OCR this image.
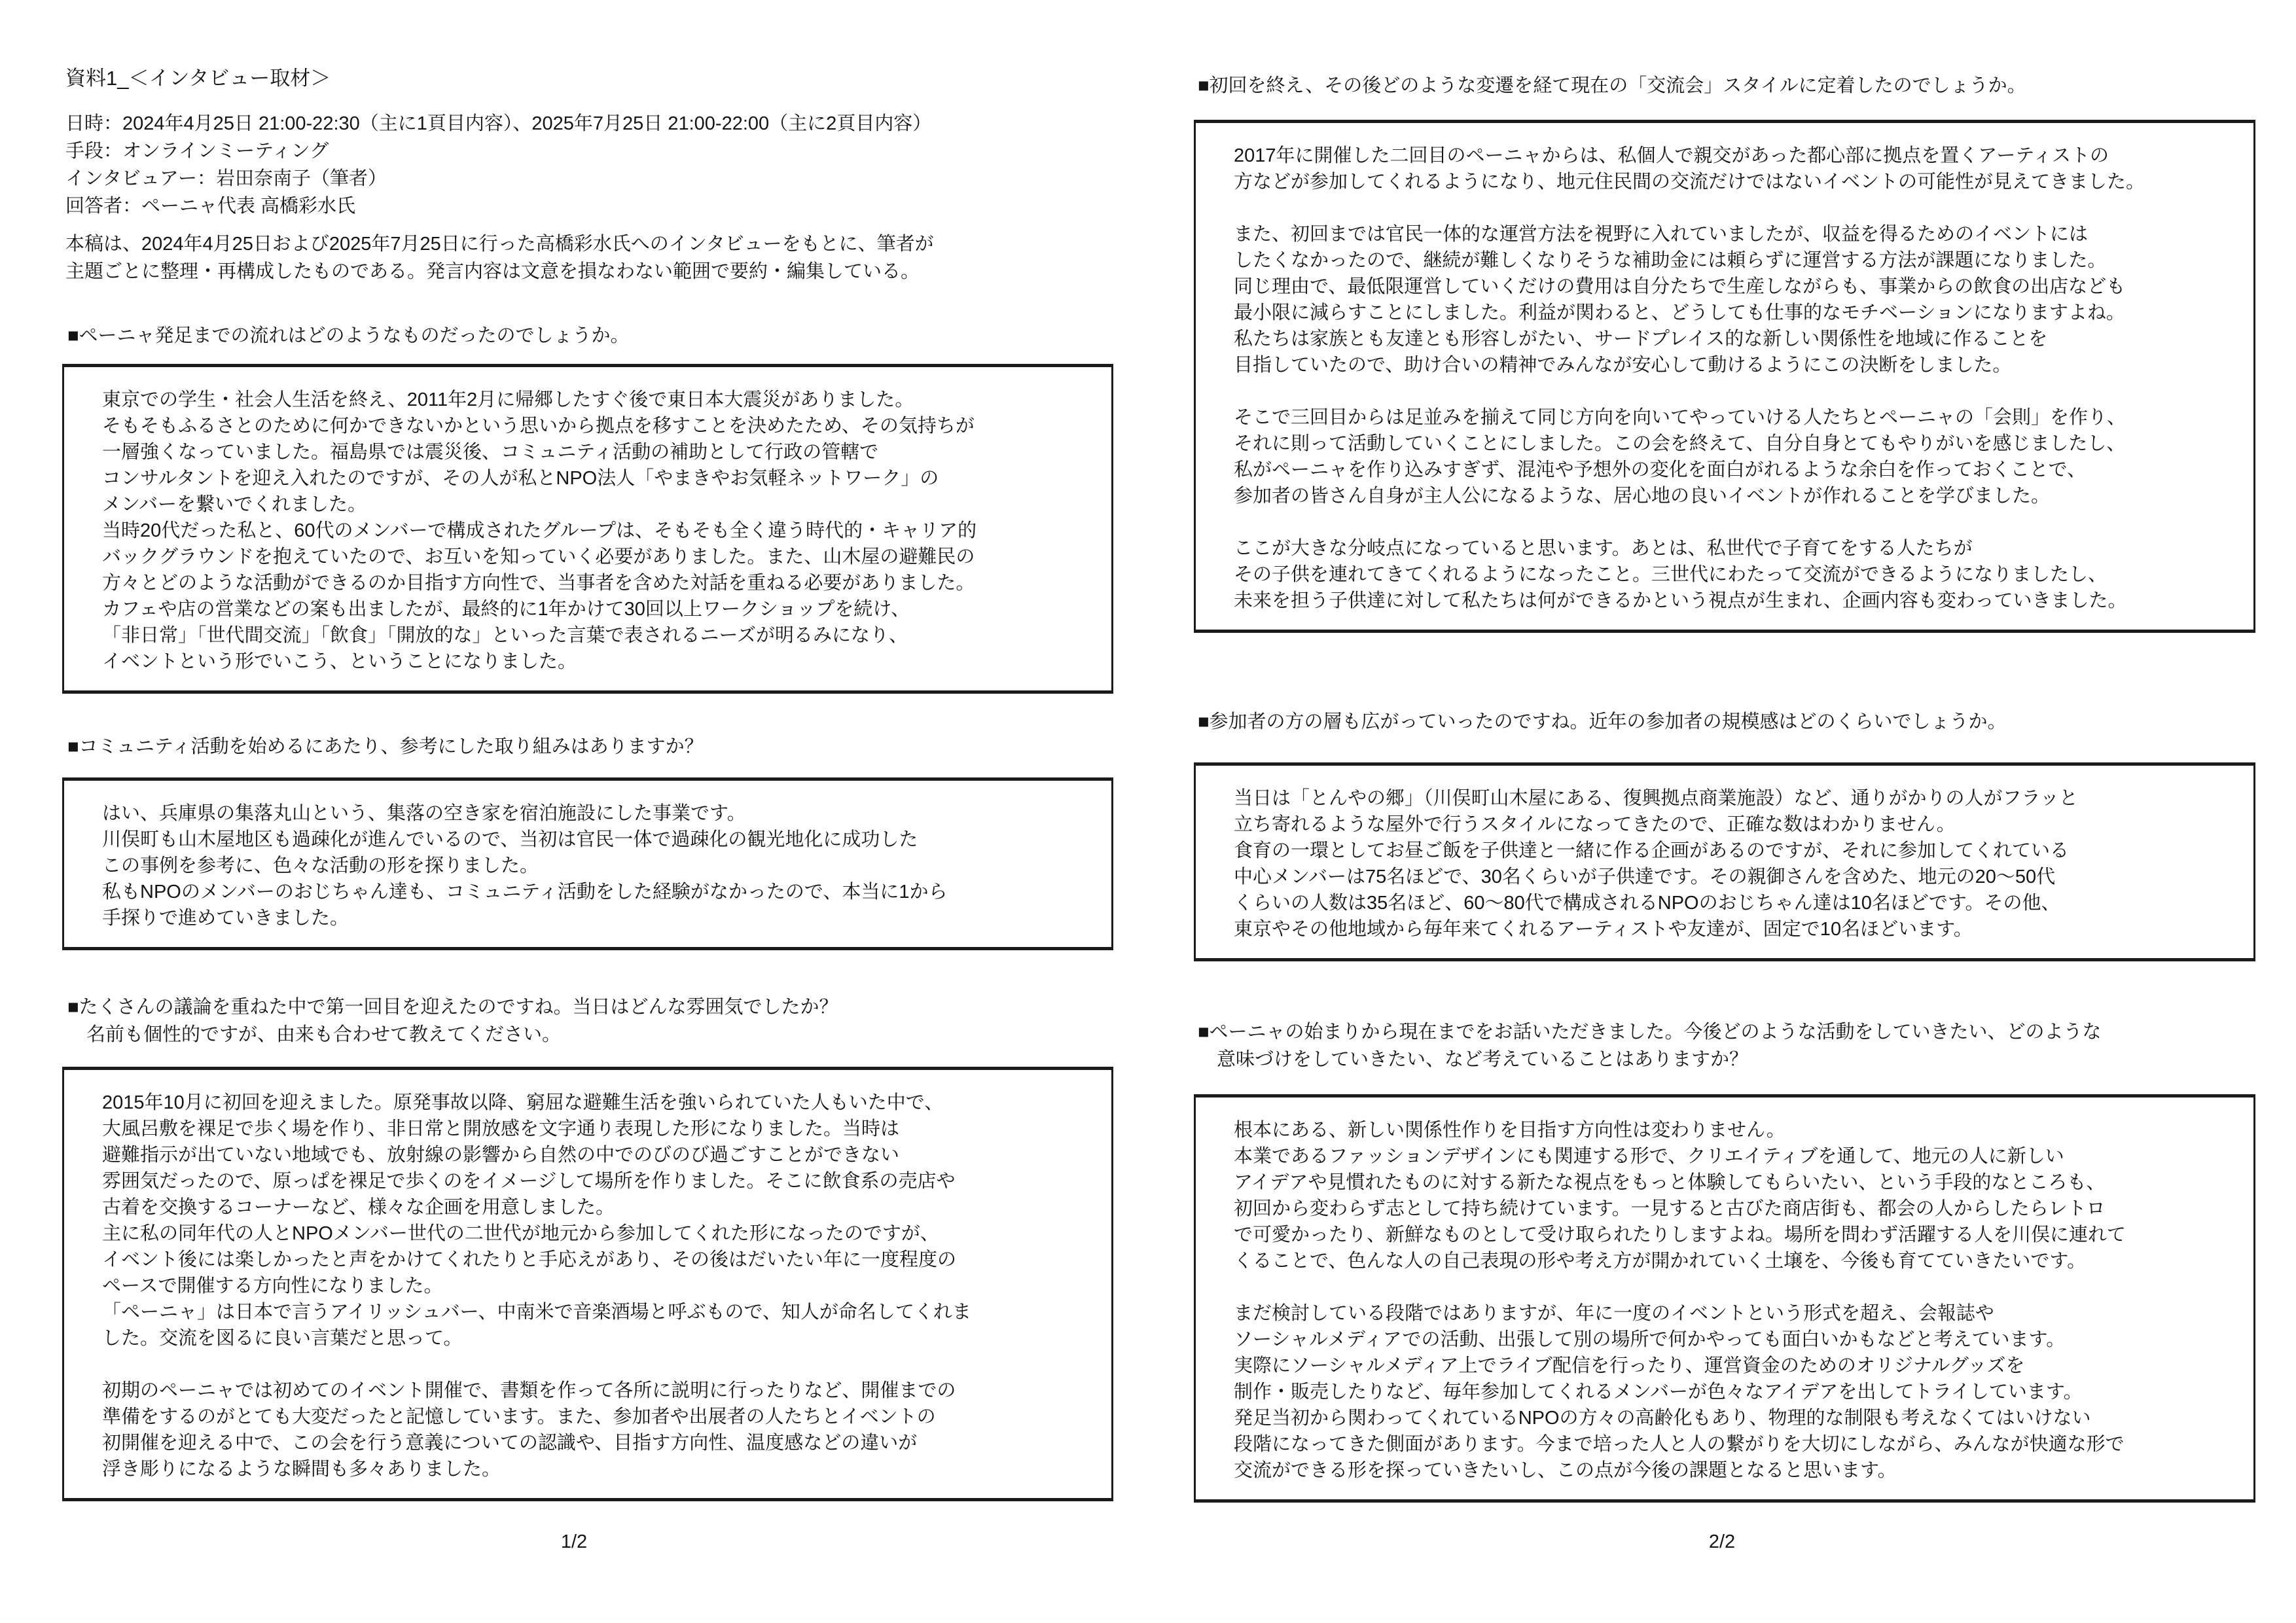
資料1_＜インタビュー取材＞
日時：2024年4月25日 21:00-22:30（主に1頁目内容）、2025年7月25日 21:00-22:00（主に2頁目内容）
手段：オンラインミーティング
インタビュアー：岩田奈南子（筆者）
回答者：ペーニャ代表 高橋彩水氏
本稿は、2024年4月25日および2025年7月25日に行った高橋彩水氏へのインタビューをもとに、筆者が
主題ごとに整理・再構成したものである。発言内容は文意を損なわない範囲で要約・編集している。
■ペーニャ発足までの流れはどのようなものだったのでしょうか。
東京での学生・社会人生活を終え、2011年2月に帰郷したすぐ後で東日本大震災がありました。
そもそもふるさとのために何かできないかという思いから拠点を移すことを決めたため、その気持ちが
一層強くなっていました。福島県では震災後、コミュニティ活動の補助として行政の管轄で
コンサルタントを迎え入れたのですが、その人が私とNPO法人「やまきやお気軽ネットワーク」の
メンバーを繋いでくれました。
当時20代だった私と、60代のメンバーで構成されたグループは、そもそも全く違う時代的・キャリア的
バックグラウンドを抱えていたので、お互いを知っていく必要がありました。また、山木屋の避難民の
方々とどのような活動ができるのか目指す方向性で、当事者を含めた対話を重ねる必要がありました。
カフェや店の営業などの案も出ましたが、最終的に1年かけて30回以上ワークショップを続け、
「非日常」「世代間交流」「飲食」「開放的な」といった言葉で表されるニーズが明るみになり、
イベントという形でいこう、ということになりました。
■コミュニティ活動を始めるにあたり、参考にした取り組みはありますか？
はい、兵庫県の集落丸山という、集落の空き家を宿泊施設にした事業です。
川俣町も山木屋地区も過疎化が進んでいるので、当初は官民一体で過疎化の観光地化に成功した
この事例を参考に、色々な活動の形を探りました。
私もNPOのメンバーのおじちゃん達も、コミュニティ活動をした経験がなかったので、本当に1から
手探りで進めていきました。
■たくさんの議論を重ねた中で第一回目を迎えたのですね。当日はどんな雰囲気でしたか？
　名前も個性的ですが、由来も合わせて教えてください。
2015年10月に初回を迎えました。原発事故以降、窮屈な避難生活を強いられていた人もいた中で、
大風呂敷を裸足で歩く場を作り、非日常と開放感を文字通り表現した形になりました。当時は
避難指示が出ていない地域でも、放射線の影響から自然の中でのびのび過ごすことができない
雰囲気だったので、原っぱを裸足で歩くのをイメージして場所を作りました。そこに飲食系の売店や
古着を交換するコーナーなど、様々な企画を用意しました。
主に私の同年代の人とNPOメンバー世代の二世代が地元から参加してくれた形になったのですが、
イベント後には楽しかったと声をかけてくれたりと手応えがあり、その後はだいたい年に一度程度の
ペースで開催する方向性になりました。
「ペーニャ」は日本で言うアイリッシュバー、中南米で音楽酒場と呼ぶもので、知人が命名してくれま
した。交流を図るに良い言葉だと思って。

初期のペーニャでは初めてのイベント開催で、書類を作って各所に説明に行ったりなど、開催までの
準備をするのがとても大変だったと記憶しています。また、参加者や出展者の人たちとイベントの
初開催を迎える中で、この会を行う意義についての認識や、目指す方向性、温度感などの違いが
浮き彫りになるような瞬間も多々ありました。
1/2
■初回を終え、その後どのような変遷を経て現在の「交流会」スタイルに定着したのでしょうか。
2017年に開催した二回目のペーニャからは、私個人で親交があった都心部に拠点を置くアーティストの
方などが参加してくれるようになり、地元住民間の交流だけではないイベントの可能性が見えてきました。

また、初回までは官民一体的な運営方法を視野に入れていましたが、収益を得るためのイベントには
したくなかったので、継続が難しくなりそうな補助金には頼らずに運営する方法が課題になりました。
同じ理由で、最低限運営していくだけの費用は自分たちで生産しながらも、事業からの飲食の出店なども
最小限に減らすことにしました。利益が関わると、どうしても仕事的なモチベーションになりますよね。
私たちは家族とも友達とも形容しがたい、サードプレイス的な新しい関係性を地域に作ることを
目指していたので、助け合いの精神でみんなが安心して動けるようにこの決断をしました。

そこで三回目からは足並みを揃えて同じ方向を向いてやっていける人たちとペーニャの「会則」を作り、
それに則って活動していくことにしました。この会を終えて、自分自身とてもやりがいを感じましたし、
私がペーニャを作り込みすぎず、混沌や予想外の変化を面白がれるような余白を作っておくことで、
参加者の皆さん自身が主人公になるような、居心地の良いイベントが作れることを学びました。

ここが大きな分岐点になっていると思います。あとは、私世代で子育てをする人たちが
その子供を連れてきてくれるようになったこと。三世代にわたって交流ができるようになりましたし、
未来を担う子供達に対して私たちは何ができるかという視点が生まれ、企画内容も変わっていきました。
■参加者の方の層も広がっていったのですね。近年の参加者の規模感はどのくらいでしょうか。
当日は「とんやの郷」（川俣町山木屋にある、復興拠点商業施設）など、通りがかりの人がフラッと
立ち寄れるような屋外で行うスタイルになってきたので、正確な数はわかりません。
食育の一環としてお昼ご飯を子供達と一緒に作る企画があるのですが、それに参加してくれている
中心メンバーは75名ほどで、30名くらいが子供達です。その親御さんを含めた、地元の20〜50代
くらいの人数は35名ほど、60〜80代で構成されるNPOのおじちゃん達は10名ほどです。その他、
東京やその他地域から毎年来てくれるアーティストや友達が、固定で10名ほどいます。
■ペーニャの始まりから現在までをお話いただきました。今後どのような活動をしていきたい、どのような
　意味づけをしていきたい、など考えていることはありますか？
根本にある、新しい関係性作りを目指す方向性は変わりません。
本業であるファッションデザインにも関連する形で、クリエイティブを通して、地元の人に新しい
アイデアや見慣れたものに対する新たな視点をもっと体験してもらいたい、という手段的なところも、
初回から変わらず志として持ち続けています。一見すると古びた商店街も、都会の人からしたらレトロ
で可愛かったり、新鮮なものとして受け取られたりしますよね。場所を問わず活躍する人を川俣に連れて
くることで、色んな人の自己表現の形や考え方が開かれていく土壌を、今後も育てていきたいです。

まだ検討している段階ではありますが、年に一度のイベントという形式を超え、会報誌や
ソーシャルメディアでの活動、出張して別の場所で何かやっても面白いかもなどと考えています。
実際にソーシャルメディア上でライブ配信を行ったり、運営資金のためのオリジナルグッズを
制作・販売したりなど、毎年参加してくれるメンバーが色々なアイデアを出してトライしています。
発足当初から関わってくれているNPOの方々の高齢化もあり、物理的な制限も考えなくてはいけない
段階になってきた側面があります。今まで培った人と人の繋がりを大切にしながら、みんなが快適な形で
交流ができる形を探っていきたいし、この点が今後の課題となると思います。
2/2
